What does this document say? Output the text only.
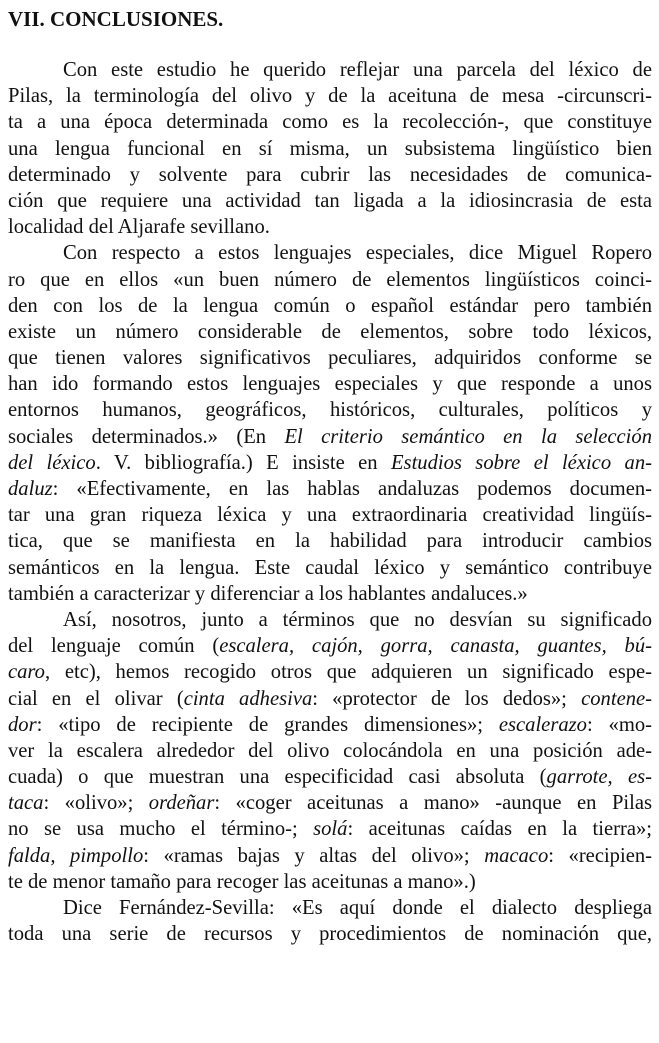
VII. CONCLUSIONES.
Con este estudio he querido reflejar una parcela del léxico de
Pilas, la terminología del olivo y de la aceituna de mesa -circunscri-
ta a una época determinada como es la recolección-, que constituye
una lengua funcional en sí misma, un subsistema lingüístico bien
determinado y solvente para cubrir las necesidades de comunica-
ción que requiere una actividad tan ligada a la idiosincrasia de esta
localidad del Aljarafe sevillano.
Con respecto a estos lenguajes especiales, dice Miguel Ropero
ro que en ellos «un buen número de elementos lingüísticos coinci-
den con los de la lengua común o español estándar pero también
existe un número considerable de elementos, sobre todo léxicos,
que tienen valores significativos peculiares, adquiridos conforme se
han ido formando estos lenguajes especiales y que responde a unos
entornos humanos, geográficos, históricos, culturales, políticos y
sociales determinados.» (En El criterio semántico en la selección
del léxico. V. bibliografía.) E insiste en Estudios sobre el léxico an-
daluz: «Efectivamente, en las hablas andaluzas podemos documen-
tar una gran riqueza léxica y una extraordinaria creatividad lingüís-
tica, que se manifiesta en la habilidad para introducir cambios
semánticos en la lengua. Este caudal léxico y semántico contribuye
también a caracterizar y diferenciar a los hablantes andaluces.»
Así, nosotros, junto a términos que no desvían su significado
del lenguaje común (escalera, cajón, gorra, canasta, guantes, bú-
caro, etc), hemos recogido otros que adquieren un significado espe-
cial en el olivar (cinta adhesiva: «protector de los dedos»; contene-
dor: «tipo de recipiente de grandes dimensiones»; escalerazo: «mo-
ver la escalera alrededor del olivo colocándola en una posición ade-
cuada) o que muestran una especificidad casi absoluta (garrote, es-
taca: «olivo»; ordeñar: «coger aceitunas a mano» -aunque en Pilas
no se usa mucho el término-; solá: aceitunas caídas en la tierra»;
falda, pimpollo: «ramas bajas y altas del olivo»; macaco: «recipien-
te de menor tamaño para recoger las aceitunas a mano».)
Dice Fernández-Sevilla: «Es aquí donde el dialecto despliega
toda una serie de recursos y procedimientos de nominación que,
